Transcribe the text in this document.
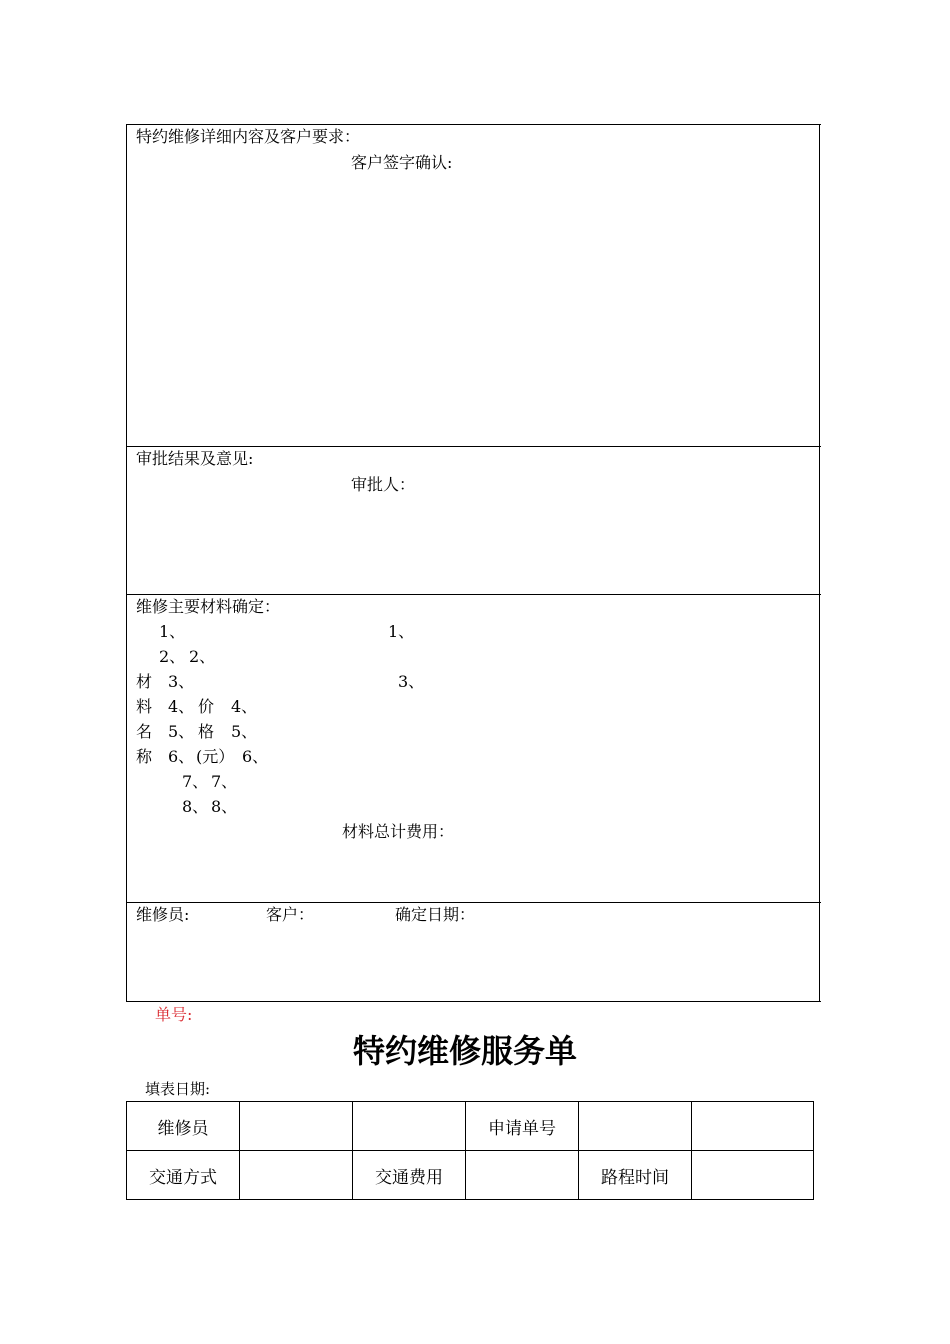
特约维修详细内容及客户要求：
客户签字确认:
审批结果及意见:
审批人：
维修主要材料确定：
1、	1、
2、 2、
材 3、	3、
料 4、 价 4、
名 5、 格 5、
称 6、 (元） 6、
7、 7、
8、 8、
材料总计费用：
维修员:	客户：	确定日期：
单号:
特约维修服务单
填表日期:
维修员			申请单号		
交通方式		交通费用		路程时间	
